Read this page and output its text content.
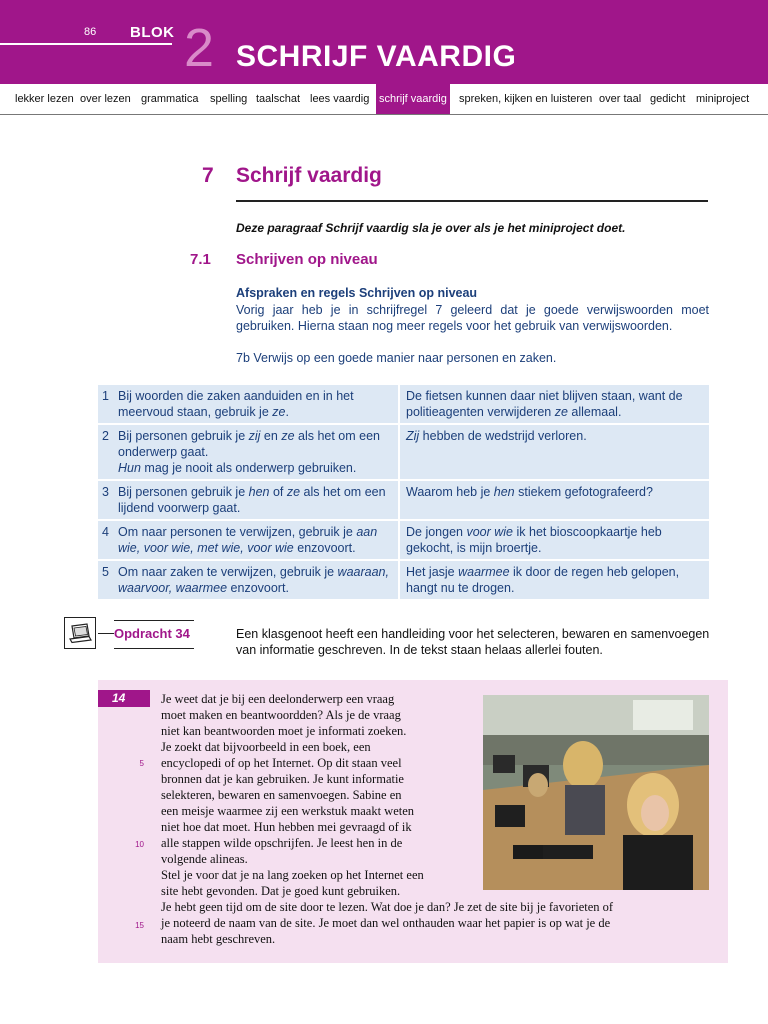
86 BLOK 2 SCHRIJF VAARDIG
lekker lezen over lezen grammatica spelling taalschat lees vaardig schrijf vaardig spreken, kijken en luisteren over taal gedicht miniproject
7 Schrijf vaardig
Deze paragraaf Schrijf vaardig sla je over als je het miniproject doet.
7.1 Schrijven op niveau
Afspraken en regels Schrijven op niveau
Vorig jaar heb je in schrijfregel 7 geleerd dat je goede verwijswoorden moet gebruiken. Hierna staan nog meer regels voor het gebruik van verwijswoorden.
7b Verwijs op een goede manier naar personen en zaken.
1 Bij woorden die zaken aanduiden en in het meervoud staan, gebruik je ze.
De fietsen kunnen daar niet blijven staan, want de politieagenten verwijderen ze allemaal.
2 Bij personen gebruik je zij en ze als het om een onderwerp gaat.
Hun mag je nooit als onderwerp gebruiken.
Zij hebben de wedstrijd verloren.
3 Bij personen gebruik je hen of ze als het om een lijdend voorwerp gaat.
Waarom heb je hen stiekem gefotografeerd?
4 Om naar personen te verwijzen, gebruik je aan wie, voor wie, met wie, voor wie enzovoort.
De jongen voor wie ik het bioscoopkaartje heb gekocht, is mijn broertje.
5 Om naar zaken te verwijzen, gebruik je waaraan, waarvoor, waarmee enzovoort.
Het jasje waarmee ik door de regen heb gelopen, hangt nu te drogen.
Opdracht 34	Een klasgenoot heeft een handleiding voor het selecteren, bewaren en samenvoegen van informatie geschreven. In de tekst staan helaas allerlei fouten.
14
5
10
15
Je weet dat je bij een deelonderwerp een vraag
moet maken en beantwoordden? Als je de vraag
niet kan beantwoorden moet je informati zoeken.
Je zoekt dat bijvoorbeeld in een boek, een
encyclopedi of op het Internet. Op dit staan veel
bronnen dat je kan gebruiken. Je kunt informatie
selekteren, bewaren en samenvoegen. Sabine en
een meisje waarmee zij een werkstuk maakt weten
niet hoe dat moet. Hun hebben mei gevraagd of ik
alle stappen wilde opschrijfen. Je leest hen in de
volgende alineas.
Stel je voor dat je na lang zoeken op het Internet een
site hebt gevonden. Dat je goed kunt gebruiken.
Je hebt geen tijd om de site door te lezen. Wat doe je dan? Je zet de site bij je favorieten of
je noteerd de naam van de site. Je moet dan wel onthauden waar het papier is op wat je de
naam hebt geschreven.
